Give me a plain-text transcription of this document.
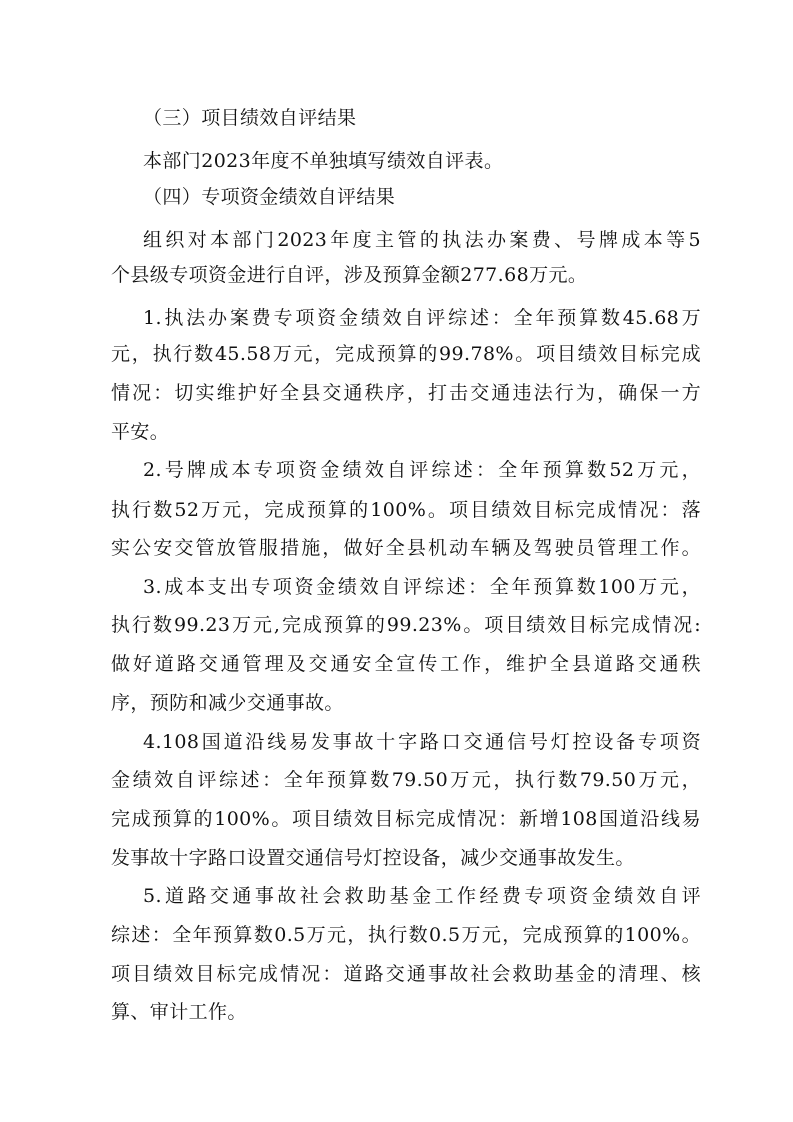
（三）项目绩效自评结果
本部门2023年度不单独填写绩效自评表。
（四）专项资金绩效自评结果
组织对本部门2023年度主管的执法办案费、号牌成本等5
个县级专项资金进行自评，涉及预算金额277.68万元。
1.执法办案费专项资金绩效自评综述：全年预算数45.68万
元，执行数45.58万元，完成预算的99.78%。项目绩效目标完成
情况：切实维护好全县交通秩序，打击交通违法行为，确保一方
平安。
2.号牌成本专项资金绩效自评综述：全年预算数52万元，
执行数52万元，完成预算的100%。项目绩效目标完成情况：落
实公安交管放管服措施，做好全县机动车辆及驾驶员管理工作。
3.成本支出专项资金绩效自评综述：全年预算数100万元，
执行数99.23万元,完成预算的99.23%。项目绩效目标完成情况:
做好道路交通管理及交通安全宣传工作，维护全县道路交通秩
序，预防和减少交通事故。
4.108国道沿线易发事故十字路口交通信号灯控设备专项资
金绩效自评综述：全年预算数79.50万元，执行数79.50万元，
完成预算的100%。项目绩效目标完成情况：新增108国道沿线易
发事故十字路口设置交通信号灯控设备，减少交通事故发生。
5.道路交通事故社会救助基金工作经费专项资金绩效自评
综述：全年预算数0.5万元，执行数0.5万元，完成预算的100%。
项目绩效目标完成情况：道路交通事故社会救助基金的清理、核
算、审计工作。
